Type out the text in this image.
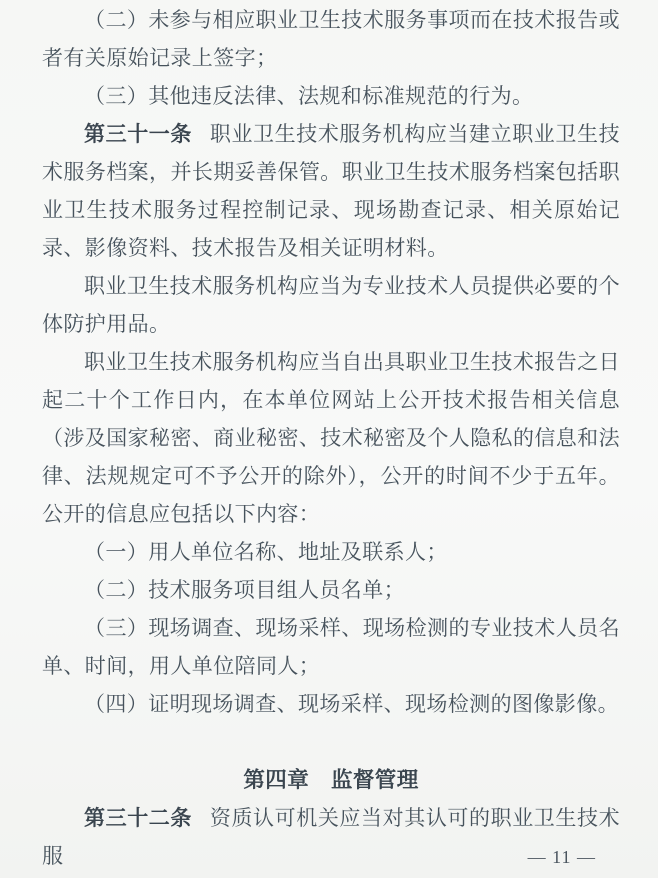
（二）未参与相应职业卫生技术服务事项而在技术报告或者有关原始记录上签字；

（三）其他违反法律、法规和标准规范的行为。

第三十一条 职业卫生技术服务机构应当建立职业卫生技术服务档案，并长期妥善保管。职业卫生技术服务档案包括职业卫生技术服务过程控制记录、现场勘查记录、相关原始记录、影像资料、技术报告及相关证明材料。

职业卫生技术服务机构应当为专业技术人员提供必要的个体防护用品。

职业卫生技术服务机构应当自出具职业卫生技术报告之日起二十个工作日内，在本单位网站上公开技术报告相关信息（涉及国家秘密、商业秘密、技术秘密及个人隐私的信息和法律、法规规定可不予公开的除外），公开的时间不少于五年。公开的信息应包括以下内容：

（一）用人单位名称、地址及联系人；

（二）技术服务项目组人员名单；

（三）现场调查、现场采样、现场检测的专业技术人员名单、时间，用人单位陪同人；

（四）证明现场调查、现场采样、现场检测的图像影像。

第四章　监督管理

第三十二条 资质认可机关应当对其认可的职业卫生技术服	— 11 —
